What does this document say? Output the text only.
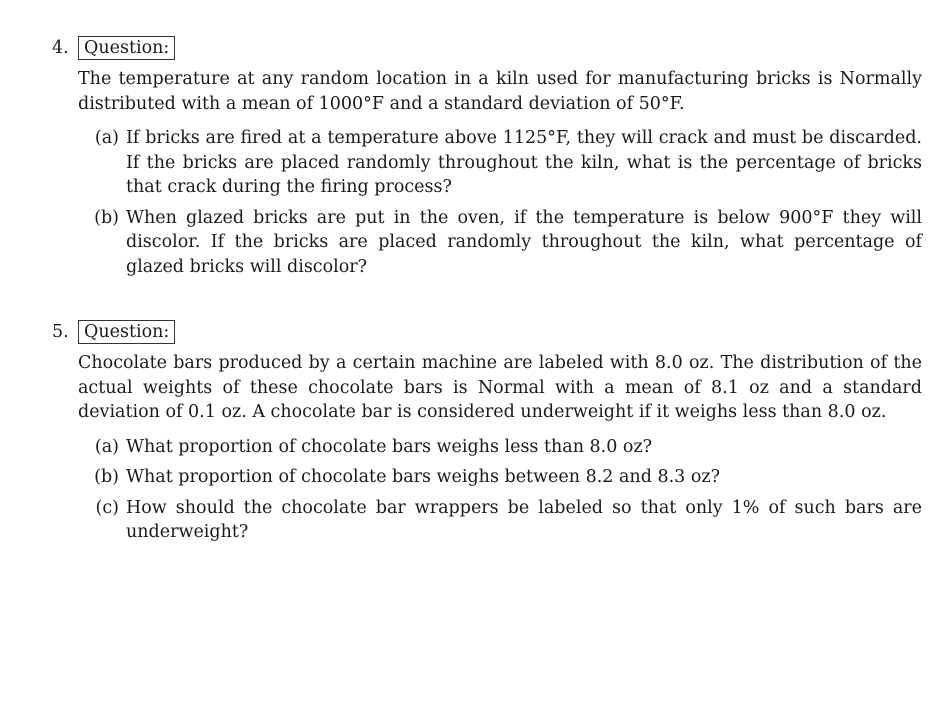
4. Question:
The temperature at any random location in a kiln used for manufacturing bricks is Normally distributed with a mean of 1000°F and a standard deviation of 50°F.
(a) If bricks are fired at a temperature above 1125°F, they will crack and must be discarded. If the bricks are placed randomly throughout the kiln, what is the percentage of bricks that crack during the firing process?
(b) When glazed bricks are put in the oven, if the temperature is below 900°F they will discolor. If the bricks are placed randomly throughout the kiln, what percentage of glazed bricks will discolor?
5. Question:
Chocolate bars produced by a certain machine are labeled with 8.0 oz. The distribution of the actual weights of these chocolate bars is Normal with a mean of 8.1 oz and a standard deviation of 0.1 oz. A chocolate bar is considered underweight if it weighs less than 8.0 oz.
(a) What proportion of chocolate bars weighs less than 8.0 oz?
(b) What proportion of chocolate bars weighs between 8.2 and 8.3 oz?
(c) How should the chocolate bar wrappers be labeled so that only 1% of such bars are underweight?
